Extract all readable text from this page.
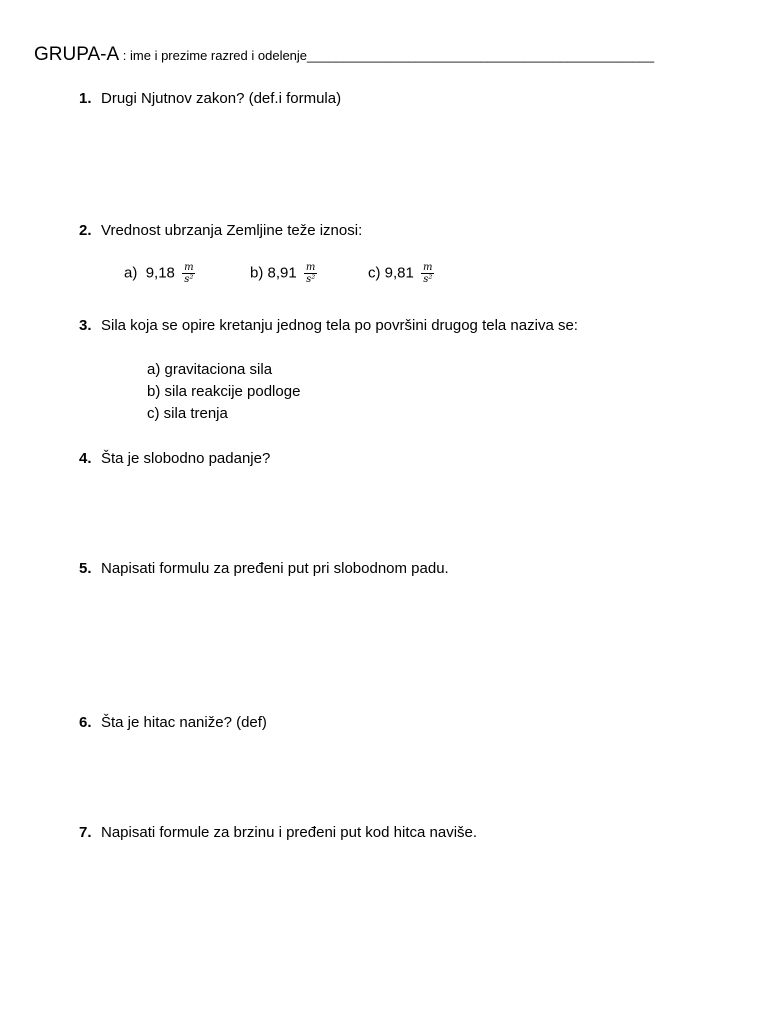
GRUPA-A : ime i prezime razred i odelenje________________________________________________
1. Drugi Njutnov zakon? (def.i formula)
2. Vrednost ubrzanja Zemljine teže iznosi:
a) $9,18 \frac{m}{\text{s²}}$	b) $8,91 \frac{m}{\text{s²}}$	c) $9,81 \frac{m}{\text{s²}}$
3. Sila koja se opire kretanju jednog tela po površini drugog tela naziva se:
a) gravitaciona sila
b) sila reakcije podloge
c) sila trenja
4. Šta je slobodno padanje?
5. Napisati formulu za pređeni put pri slobodnom padu.
6. Šta je hitac naniže? (def)
7. Napisati formule za brzinu i pređeni put kod hitca naviše.
